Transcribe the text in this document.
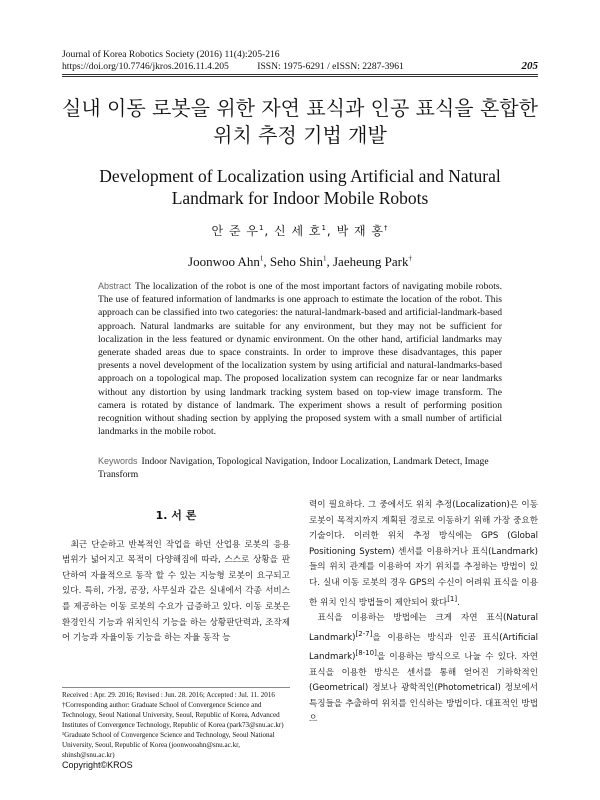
Journal of Korea Robotics Society (2016) 11(4):205-216
https://doi.org/10.7746/jkros.2016.11.4.205	ISSN: 1975-6291 / eISSN: 2287-3961	205
실내 이동 로봇을 위한 자연 표식과 인공 표식을 혼합한
위치 추정 기법 개발
Development of Localization using Artificial and Natural
Landmark for Indoor Mobile Robots
안 준 우$^1$, 신 세 호$^1$, 박 재 홍†
Joonwoo Ahn$^1$, Seho Shin$^1$, Jaeheung Park†
Abstract The localization of the robot is one of the most important factors of navigating mobile robots. The use of featured information of landmarks is one approach to estimate the location of the robot. This approach can be classified into two categories: the natural-landmark-based and artificial-landmark-based approach. Natural landmarks are suitable for any environment, but they may not be sufficient for localization in the less featured or dynamic environment. On the other hand, artificial landmarks may generate shaded areas due to space constraints. In order to improve these disadvantages, this paper presents a novel development of the localization system by using artificial and natural-landmarks-based approach on a topological map. The proposed localization system can recognize far or near landmarks without any distortion by using landmark tracking system based on top-view image transform. The camera is rotated by distance of landmark. The experiment shows a result of performing position recognition without shading section by applying the proposed system with a small number of artificial landmarks in the mobile robot.
Keywords Indoor Navigation, Topological Navigation, Indoor Localization, Landmark Detect, Image Transform
1. 서 론

최근 단순하고 반복적인 작업을 하던 산업용 로봇의 응용 범위가 넓어지고 목적이 다양해짐에 따라, 스스로 상황을 판단하여 자율적으로 동작 할 수 있는 지능형 로봇이 요구되고 있다. 특히, 가정, 공장, 사무실과 같은 실내에서 각종 서비스를 제공하는 이동 로봇의 수요가 급증하고 있다. 이동 로봇은 환경인식 기능과 위치인식 기능을 하는 상황판단력과, 조작제어 기능과 자율이동 기능을 하는 자율 동작 능

력이 필요하다. 그 중에서도 위치 추정(Localization)은 이동 로봇이 목적지까지 계획된 경로로 이동하기 위해 가장 중요한 기술이다. 이러한 위치 추정 방식에는 GPS (Global Positioning System) 센서를 이용하거나 표식(Landmark)들의 위치 관계를 이용하여 자기 위치를 추정하는 방법이 있다. 실내 이동 로봇의 경우 GPS의 수신이 어려워 표식을 이용한 위치 인식 방법들이 제안되어 왔다[1].

표식을 이용하는 방법에는 크게 자연 표식(Natural Landmark)[2-7]을 이용하는 방식과 인공 표식(Artificial Landmark)[8-10]을 이용하는 방식으로 나눌 수 있다. 자연 표식을 이용한 방식은 센서를 통해 얻어진 기하학적인(Geometrical) 정보나 광학적인(Photometrical) 정보에서 특징들을 추출하여 위치를 인식하는 방법이다. 대표적인 방법으

Received : Apr. 29. 2016; Revised : Jun. 28. 2016; Accepted : Jul. 11. 2016
†Corresponding author: Graduate School of Convergence Science and Technology, Seoul National University, Seoul, Republic of Korea, Advanced Institutes of Convergence Technology, Republic of Korea (park73@snu.ac.kr)
¹Graduate School of Convergence Science and Technology, Seoul National University, Seoul, Republic of Korea (joonwooahn@snu.ac.kr, shinsh@snu.ac.kr)
Copyright©KROS
